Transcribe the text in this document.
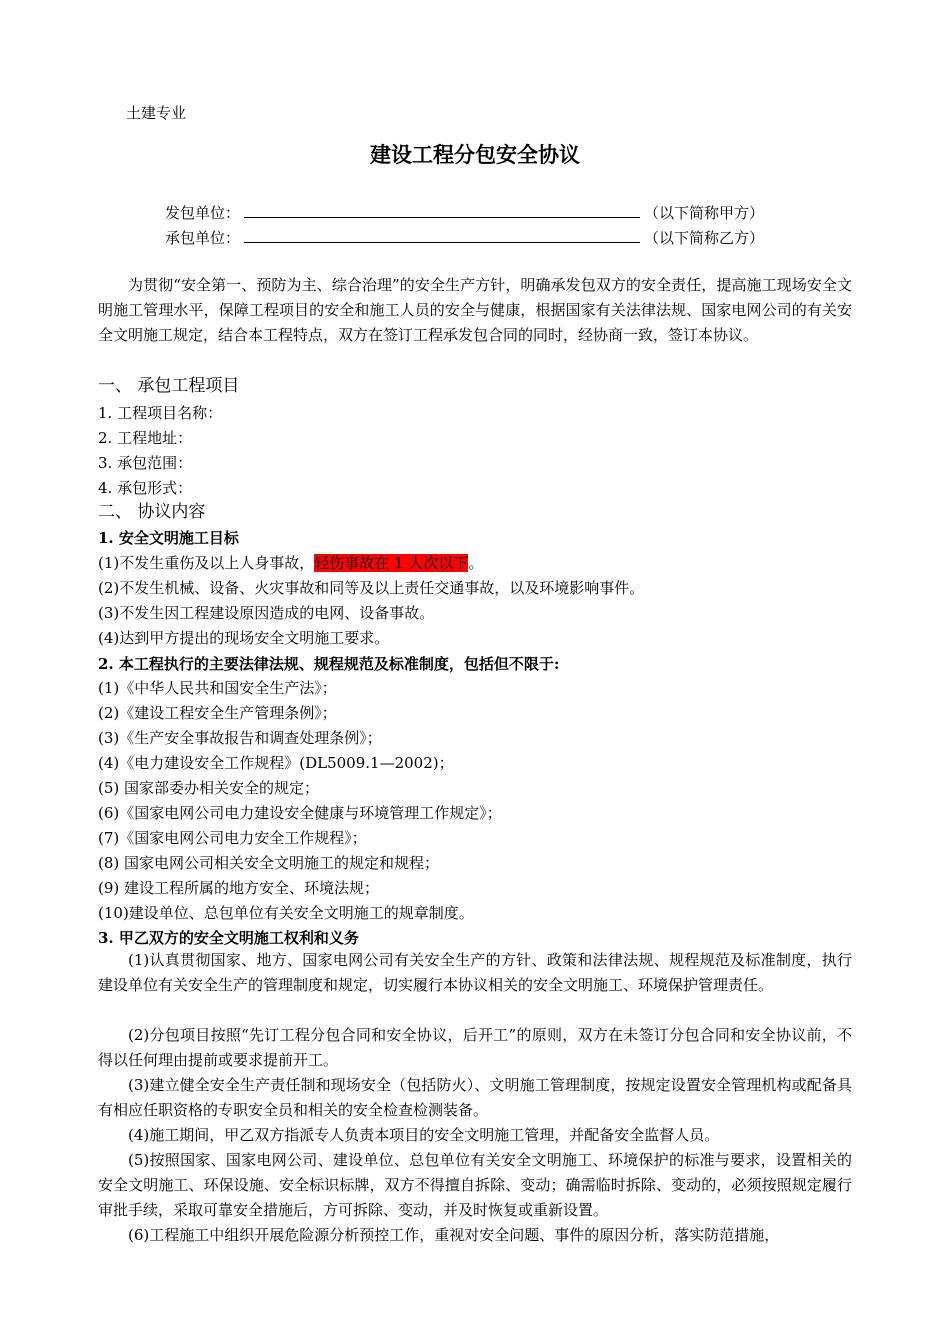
土建专业
建设工程分包安全协议
发包单位：	（以下简称甲方）
承包单位：	（以下简称乙方）
为贯彻“安全第一、预防为主、综合治理”的安全生产方针，明确承发包双方的安全责任，提高施工现场安全文明施工管理水平，保障工程项目的安全和施工人员的安全与健康，根据国家有关法律法规、国家电网公司的有关安全文明施工规定，结合本工程特点，双方在签订工程承发包合同的同时，经协商一致，签订本协议。
一、 承包工程项目
1. 工程项目名称：
2. 工程地址：
3. 承包范围：
4. 承包形式：
二、 协议内容
1. 安全文明施工目标
(1)不发生重伤及以上人身事故，轻伤事故在 1 人次以下。
(2)不发生机械、设备、火灾事故和同等及以上责任交通事故，以及环境影响事件。
(3)不发生因工程建设原因造成的电网、设备事故。
(4)达到甲方提出的现场安全文明施工要求。
2. 本工程执行的主要法律法规、规程规范及标准制度，包括但不限于:
(1)《中华人民共和国安全生产法》；
(2)《建设工程安全生产管理条例》；
(3)《生产安全事故报告和调查处理条例》；
(4)《电力建设安全工作规程》(DL5009.1—2002)；
(5) 国家部委办相关安全的规定；
(6)《国家电网公司电力建设安全健康与环境管理工作规定》；
(7)《国家电网公司电力安全工作规程》；
(8) 国家电网公司相关安全文明施工的规定和规程；
(9) 建设工程所属的地方安全、环境法规；
(10)建设单位、总包单位有关安全文明施工的规章制度。
3. 甲乙双方的安全文明施工权利和义务
(1)认真贯彻国家、地方、国家电网公司有关安全生产的方针、政策和法律法规、规程规范及标准制度，执行建设单位有关安全生产的管理制度和规定，切实履行本协议相关的安全文明施工、环境保护管理责任。
(2)分包项目按照“先订工程分包合同和安全协议，后开工”的原则，双方在未签订分包合同和安全协议前，不得以任何理由提前或要求提前开工。
(3)建立健全安全生产责任制和现场安全（包括防火）、文明施工管理制度，按规定设置安全管理机构或配备具有相应任职资格的专职安全员和相关的安全检查检测装备。
(4)施工期间，甲乙双方指派专人负责本项目的安全文明施工管理，并配备安全监督人员。
(5)按照国家、国家电网公司、建设单位、总包单位有关安全文明施工、环境保护的标准与要求，设置相关的安全文明施工、环保设施、安全标识标牌，双方不得擅自拆除、变动；确需临时拆除、变动的，必须按照规定履行审批手续，采取可靠安全措施后，方可拆除、变动，并及时恢复或重新设置。
(6)工程施工中组织开展危险源分析预控工作，重视对安全问题、事件的原因分析，落实防范措施，
